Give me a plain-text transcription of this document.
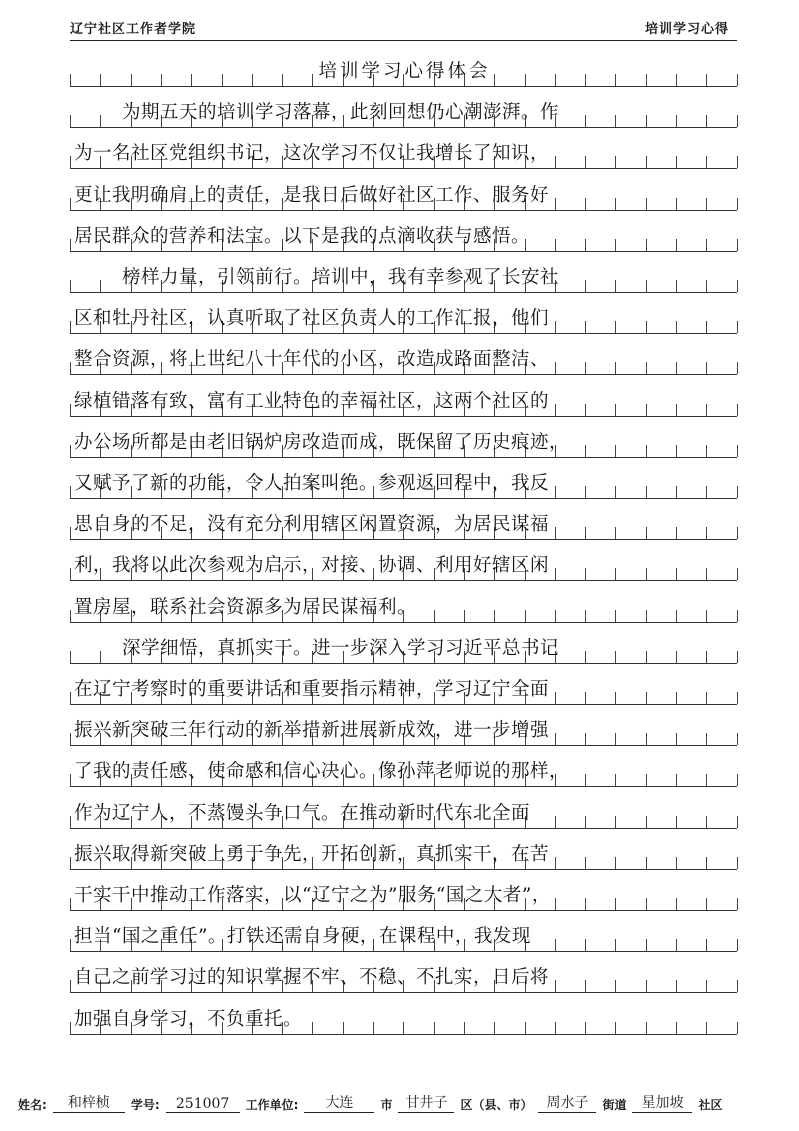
辽宁社区工作者学院	培训学习心得
培训学习心得体会
为期五天的培训学习落幕，此刻回想仍心潮澎湃。作
为一名社区党组织书记，这次学习不仅让我增长了知识，
更让我明确肩上的责任，是我日后做好社区工作、服务好
居民群众的营养和法宝。以下是我的点滴收获与感悟。
榜样力量，引领前行。培训中，我有幸参观了长安社
区和牡丹社区，认真听取了社区负责人的工作汇报，他们
整合资源，将上世纪八十年代的小区，改造成路面整洁、
绿植错落有致、富有工业特色的幸福社区，这两个社区的
办公场所都是由老旧锅炉房改造而成，既保留了历史痕迹，
又赋予了新的功能，令人拍案叫绝。参观返回程中，我反
思自身的不足，没有充分利用辖区闲置资源，为居民谋福
利，我将以此次参观为启示，对接、协调、利用好辖区闲
置房屋，联系社会资源多为居民谋福利。
深学细悟，真抓实干。进一步深入学习习近平总书记
在辽宁考察时的重要讲话和重要指示精神，学习辽宁全面
振兴新突破三年行动的新举措新进展新成效，进一步增强
了我的责任感、使命感和信心决心。像孙萍老师说的那样，
作为辽宁人，不蒸馒头争口气。在推动新时代东北全面
振兴取得新突破上勇于争先，开拓创新，真抓实干，在苦
干实干中推动工作落实，以“辽宁之为”服务“国之大者”，
担当“国之重任”。打铁还需自身硬，在课程中，我发现
自己之前学习过的知识掌握不牢、不稳、不扎实，日后将
加强自身学习，不负重托。
姓名:	和梓桢	学号:	251007	工作单位:	大连	市 甘井子	区（县、市）	周水子	街道	星加坡	社区
